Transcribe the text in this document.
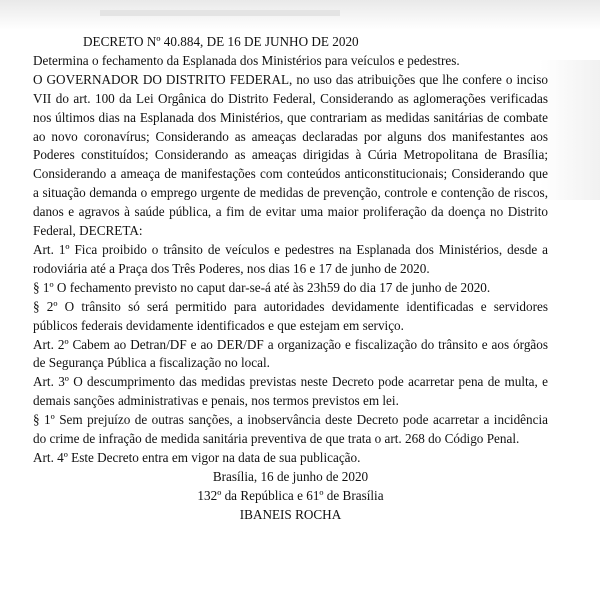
DECRETO Nº 40.884, DE 16 DE JUNHO DE 2020

Determina o fechamento da Esplanada dos Ministérios para veículos e pedestres.

O GOVERNADOR DO DISTRITO FEDERAL, no uso das atribuições que lhe confere o inciso VII do art. 100 da Lei Orgânica do Distrito Federal, Considerando as aglomerações verificadas nos últimos dias na Esplanada dos Ministérios, que contrariam as medidas sanitárias de combate ao novo coronavírus; Considerando as ameaças declaradas por alguns dos manifestantes aos Poderes constituídos; Considerando as ameaças dirigidas à Cúria Metropolitana de Brasília; Considerando a ameaça de manifestações com conteúdos anticonstitucionais; Considerando que a situação demanda o emprego urgente de medidas de prevenção, controle e contenção de riscos, danos e agravos à saúde pública, a fim de evitar uma maior proliferação da doença no Distrito Federal, DECRETA:

Art. 1º Fica proibido o trânsito de veículos e pedestres na Esplanada dos Ministérios, desde a rodoviária até a Praça dos Três Poderes, nos dias 16 e 17 de junho de 2020.

§ 1º O fechamento previsto no caput dar-se-á até às 23h59 do dia 17 de junho de 2020.

§ 2º O trânsito só será permitido para autoridades devidamente identificadas e servidores públicos federais devidamente identificados e que estejam em serviço.

Art. 2º Cabem ao Detran/DF e ao DER/DF a organização e fiscalização do trânsito e aos órgãos de Segurança Pública a fiscalização no local.

Art. 3º O descumprimento das medidas previstas neste Decreto pode acarretar pena de multa, e demais sanções administrativas e penais, nos termos previstos em lei.

§ 1º Sem prejuízo de outras sanções, a inobservância deste Decreto pode acarretar a incidência do crime de infração de medida sanitária preventiva de que trata o art. 268 do Código Penal.

Art. 4º Este Decreto entra em vigor na data de sua publicação.

Brasília, 16 de junho de 2020

132º da República e 61º de Brasília

IBANEIS ROCHA
